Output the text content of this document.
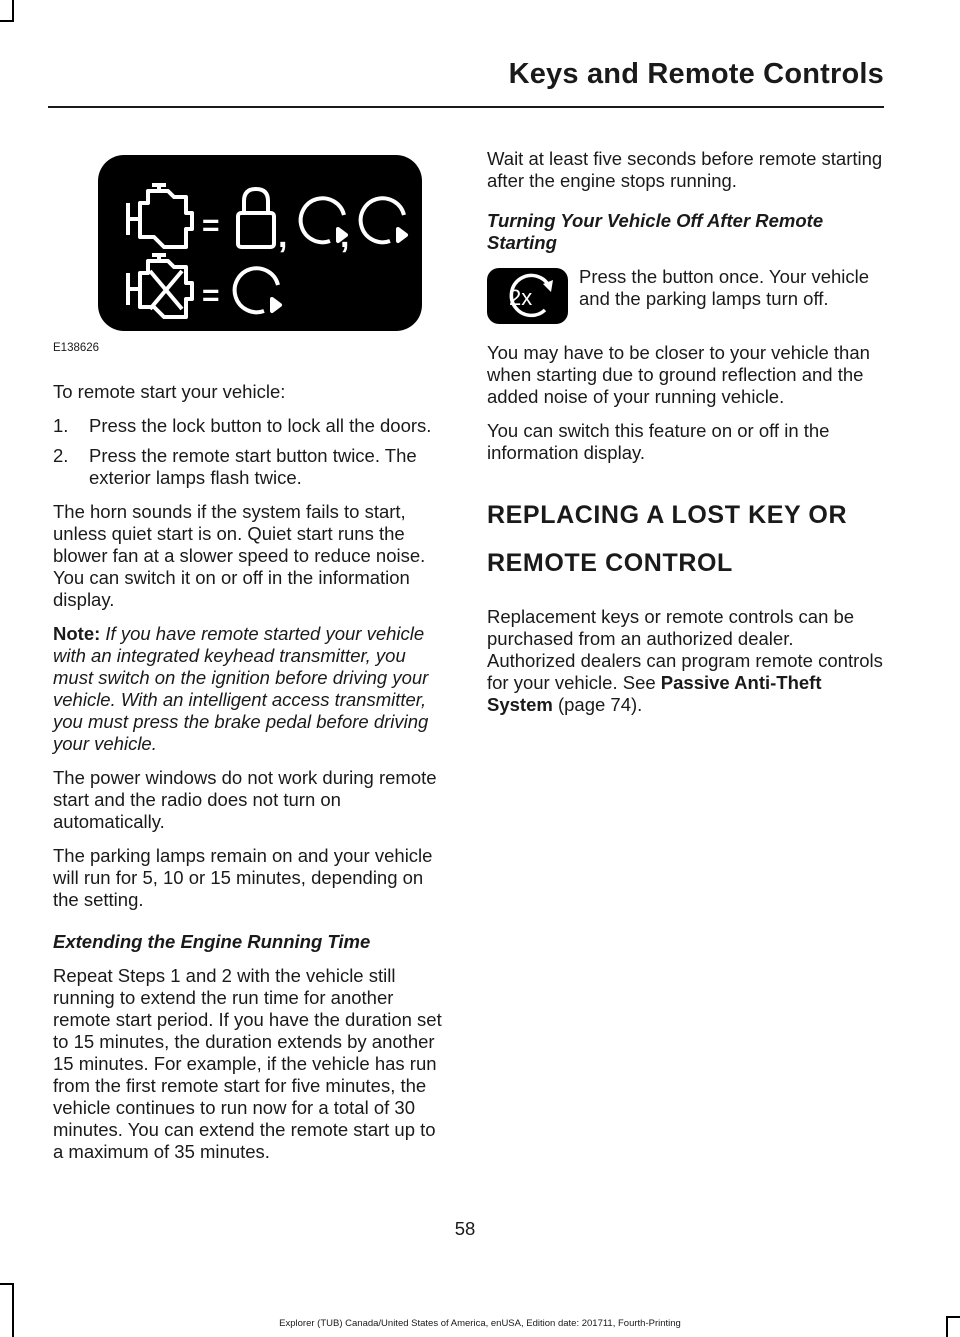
Keys and Remote Controls
=
=
, ,
E138626

To remote start your vehicle:

1. Press the lock button to lock all the doors.
2. Press the remote start button twice. The exterior lamps flash twice.

The horn sounds if the system fails to start, unless quiet start is on. Quiet start runs the blower fan at a slower speed to reduce noise. You can switch it on or off in the information display.

Note: If you have remote started your vehicle with an integrated keyhead transmitter, you must switch on the ignition before driving your vehicle. With an intelligent access transmitter, you must press the brake pedal before driving your vehicle.

The power windows do not work during remote start and the radio does not turn on automatically.

The parking lamps remain on and your vehicle will run for 5, 10 or 15 minutes, depending on the setting.

Extending the Engine Running Time

Repeat Steps 1 and 2 with the vehicle still running to extend the run time for another remote start period. If you have the duration set to 15 minutes, the duration extends by another 15 minutes. For example, if the vehicle has run from the first remote start for five minutes, the vehicle continues to run now for a total of 30 minutes. You can extend the remote start up to a maximum of 35 minutes.

Wait at least five seconds before remote starting after the engine stops running.

Turning Your Vehicle Off After Remote Starting
2x

Press the button once. Your vehicle and the parking lamps turn off.

You may have to be closer to your vehicle than when starting due to ground reflection and the added noise of your running vehicle.

You can switch this feature on or off in the information display.

REPLACING A LOST KEY OR
REMOTE CONTROL

Replacement keys or remote controls can be purchased from an authorized dealer. Authorized dealers can program remote controls for your vehicle. See Passive Anti-Theft System (page 74).

58
Explorer (TUB) Canada/United States of America, enUSA, Edition date: 201711, Fourth-Printing
